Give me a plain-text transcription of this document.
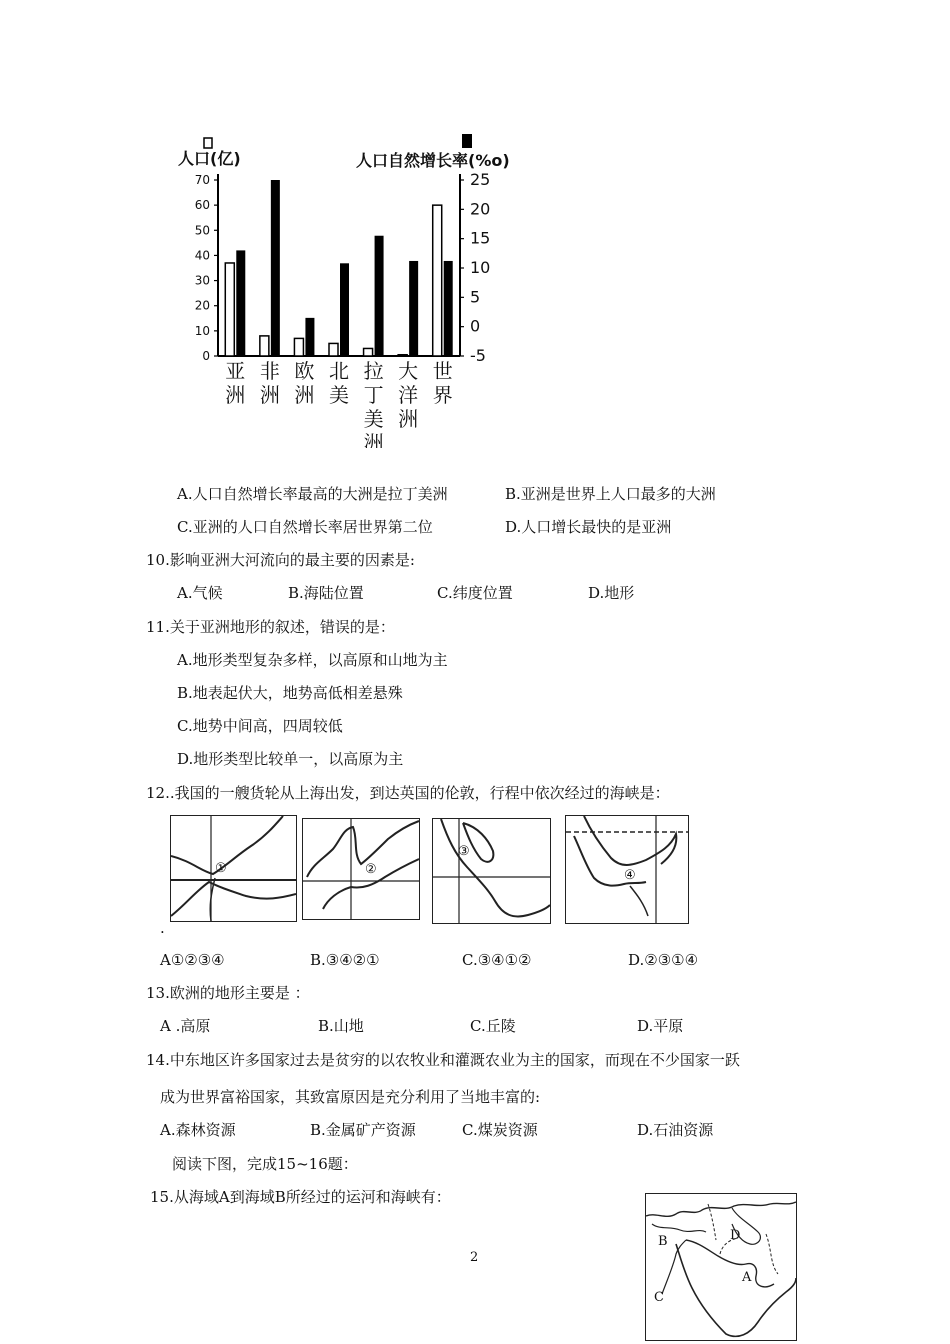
人口(亿)	人口自然增长率(%o)
0
10
20
30
40
50
60
70
-5
0
5
10
15
20
25
亚
洲
非
洲
欧
洲
北
美
拉
丁
美
洲
大
洋
洲
世
界
A.人口自然增长率最高的大洲是拉丁美洲	B.亚洲是世界上人口最多的大洲
C.亚洲的人口自然增长率居世界第二位	D.人口增长最快的是亚洲
10.影响亚洲大河流向的最主要的因素是:
A.气候	B.海陆位置	C.纬度位置	D.地形
11.关于亚洲地形的叙述，错误的是：
A.地形类型复杂多样，以高原和山地为主
B.地表起伏大，地势高低相差悬殊
C.地势中间高，四周较低
D.地形类型比较单一，以高原为主
12..我国的一艘货轮从上海出发，到达英国的伦敦，行程中依次经过的海峡是：
①	②
③
④
.
A①②③④	B.③④②①	C.③④①②	D.②③①④
13.欧洲的地形主要是 ：
A .高原	B.山地	C.丘陵	D.平原
14.中东地区许多国家过去是贫穷的以农牧业和灌溉农业为主的国家，而现在不少国家一跃
成为世界富裕国家，其致富原因是充分利用了当地丰富的:
A.森林资源	B.金属矿产资源	C.煤炭资源	D.石油资源
阅读下图，完成15~16题：
15.从海域A到海域B所经过的运河和海峡有：
B	D
C
A
2
